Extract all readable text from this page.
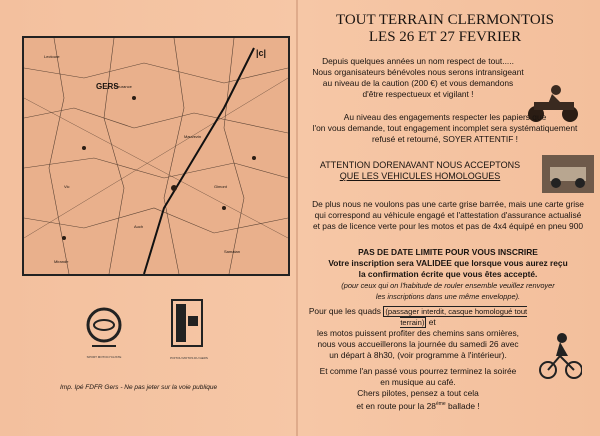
Lectoure
Fleurance
Mauvezin
Vic	Gimont
Auch
Mirande
Samatan
|c|
GERS
SPORT MOTOCYCLISTE	POITOU MOTOS DU GERS
Imp. Ipé FDFR Gers - Ne pas jeter sur la voie publique
TOUT TERRAIN CLERMONTOIS
LES 26 ET 27 FEVRIER
Depuis quelques années un nom respect de tout.....
Nous organisateurs bénévoles nous serons intransigeant
au niveau de la caution (200 €) et vous demandons
d'être respectueux et vigilant !
Au niveau des engagements respecter les papiers que
l'on vous demande, tout engagement incomplet sera systématiquement
refusé et retourné, SOYER ATTENTIF !
ATTENTION DORENAVANT NOUS ACCEPTONS
QUE LES VEHICULES HOMOLOGUES
De plus nous ne voulons pas une carte grise barrée, mais une carte grise
qui correspond au véhicule engagé et l'attestation d'assurance actualisé
et pas de licence verte pour les motos et pas de 4x4 équipé en pneu 900
PAS DE DATE LIMITE POUR VOUS INSCRIRE
Votre inscription sera VALIDEE que lorsque vous aurez reçu
la confirmation écrite que vous êtes accepté.
(pour ceux qui on l'habitude de rouler ensemble veuillez renvoyer
les inscriptions dans une même enveloppe).
Pour que les quads (passager interdit, casque homologué tout terrain) et
les motos puissent profiter des chemins sans ornières,
nous vous accueillerons la journée du samedi 26 avec
un départ à 8h30, (voir programme à l'intérieur).
Et comme l'an passé vous pourrez terminez la soirée
en musique au café.
Chers pilotes, pensez a tout cela
et en route pour la 28ème ballade !
